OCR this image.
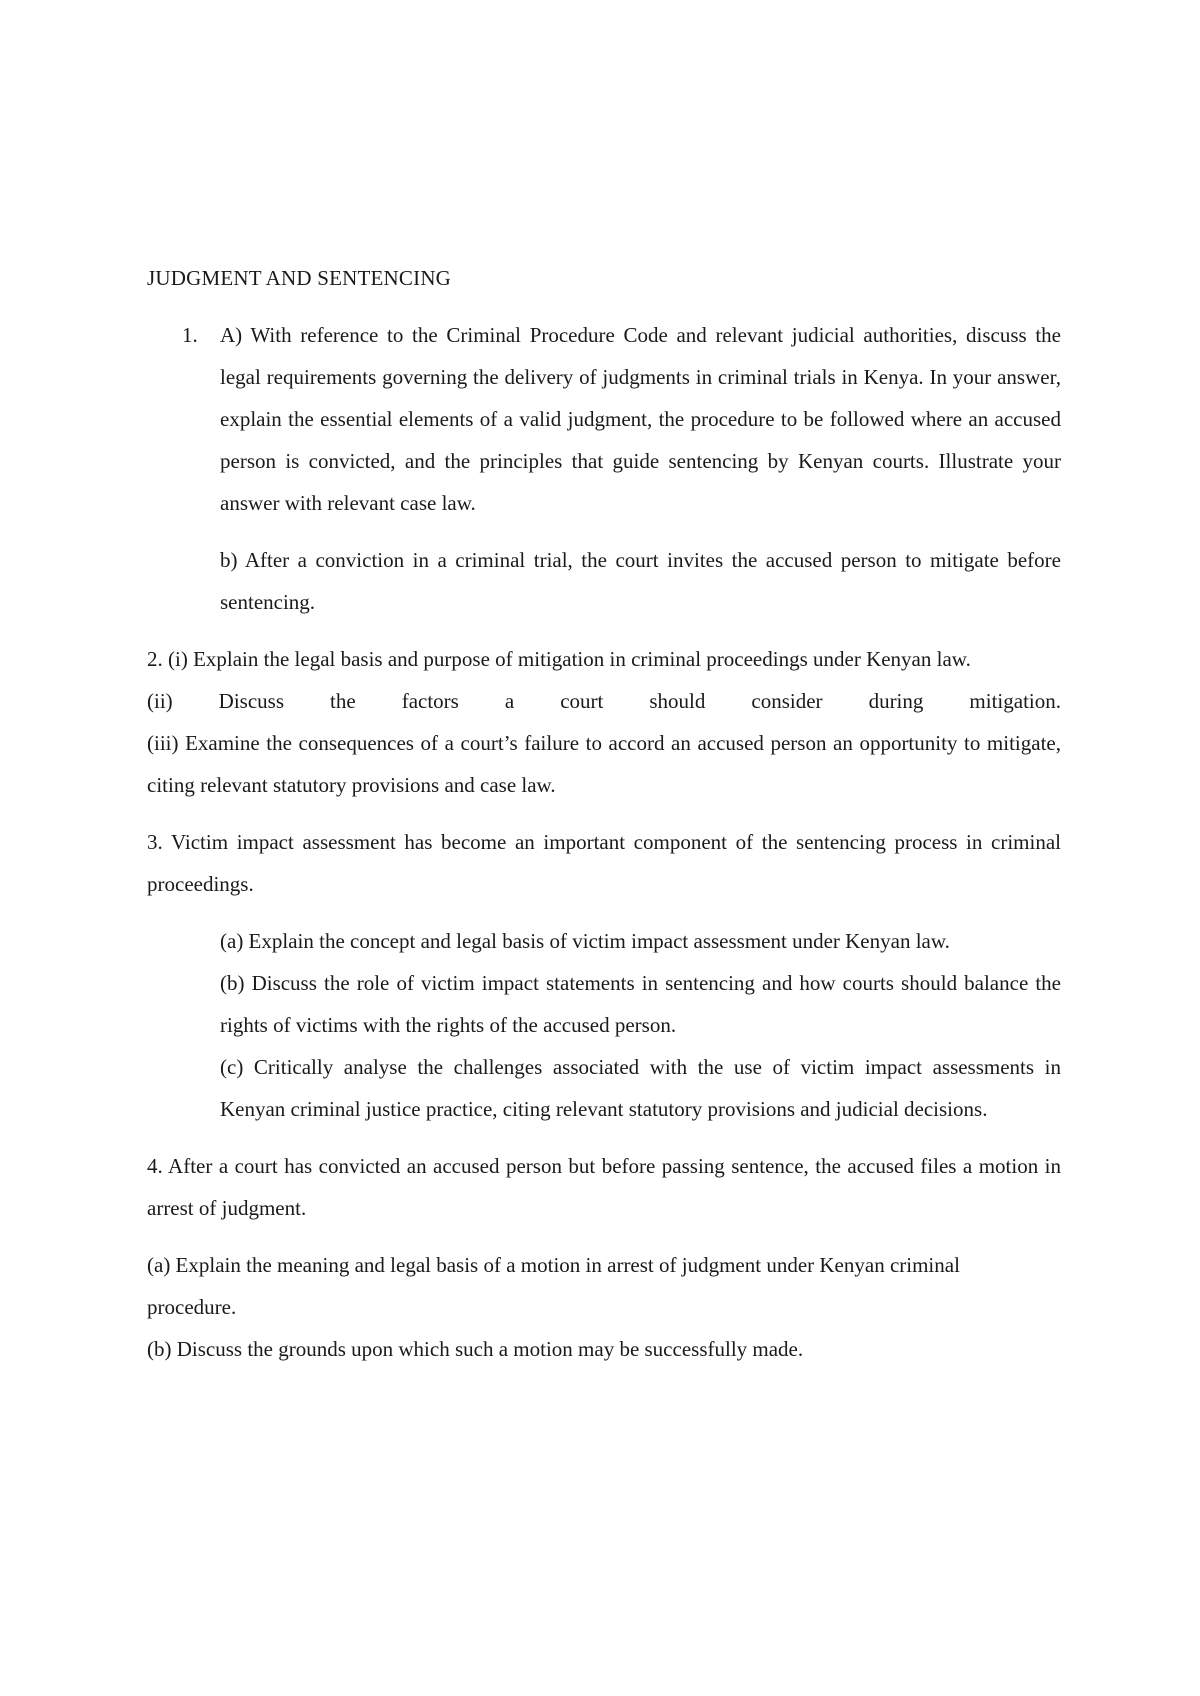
JUDGMENT AND SENTENCING
1. A) With reference to the Criminal Procedure Code and relevant judicial authorities, discuss the legal requirements governing the delivery of judgments in criminal trials in Kenya. In your answer, explain the essential elements of a valid judgment, the procedure to be followed where an accused person is convicted, and the principles that guide sentencing by Kenyan courts. Illustrate your answer with relevant case law.

b) After a conviction in a criminal trial, the court invites the accused person to mitigate before sentencing.

2. (i) Explain the legal basis and purpose of mitigation in criminal proceedings under Kenyan law.

(ii) Discuss the factors a court should consider during mitigation.

(iii) Examine the consequences of a court’s failure to accord an accused person an opportunity to mitigate, citing relevant statutory provisions and case law.

3. Victim impact assessment has become an important component of the sentencing process in criminal proceedings.

(a) Explain the concept and legal basis of victim impact assessment under Kenyan law.

(b) Discuss the role of victim impact statements in sentencing and how courts should balance the rights of victims with the rights of the accused person.

(c) Critically analyse the challenges associated with the use of victim impact assessments in Kenyan criminal justice practice, citing relevant statutory provisions and judicial decisions.

4. After a court has convicted an accused person but before passing sentence, the accused files a motion in arrest of judgment.

(a) Explain the meaning and legal basis of a motion in arrest of judgment under Kenyan criminal procedure.

(b) Discuss the grounds upon which such a motion may be successfully made.
